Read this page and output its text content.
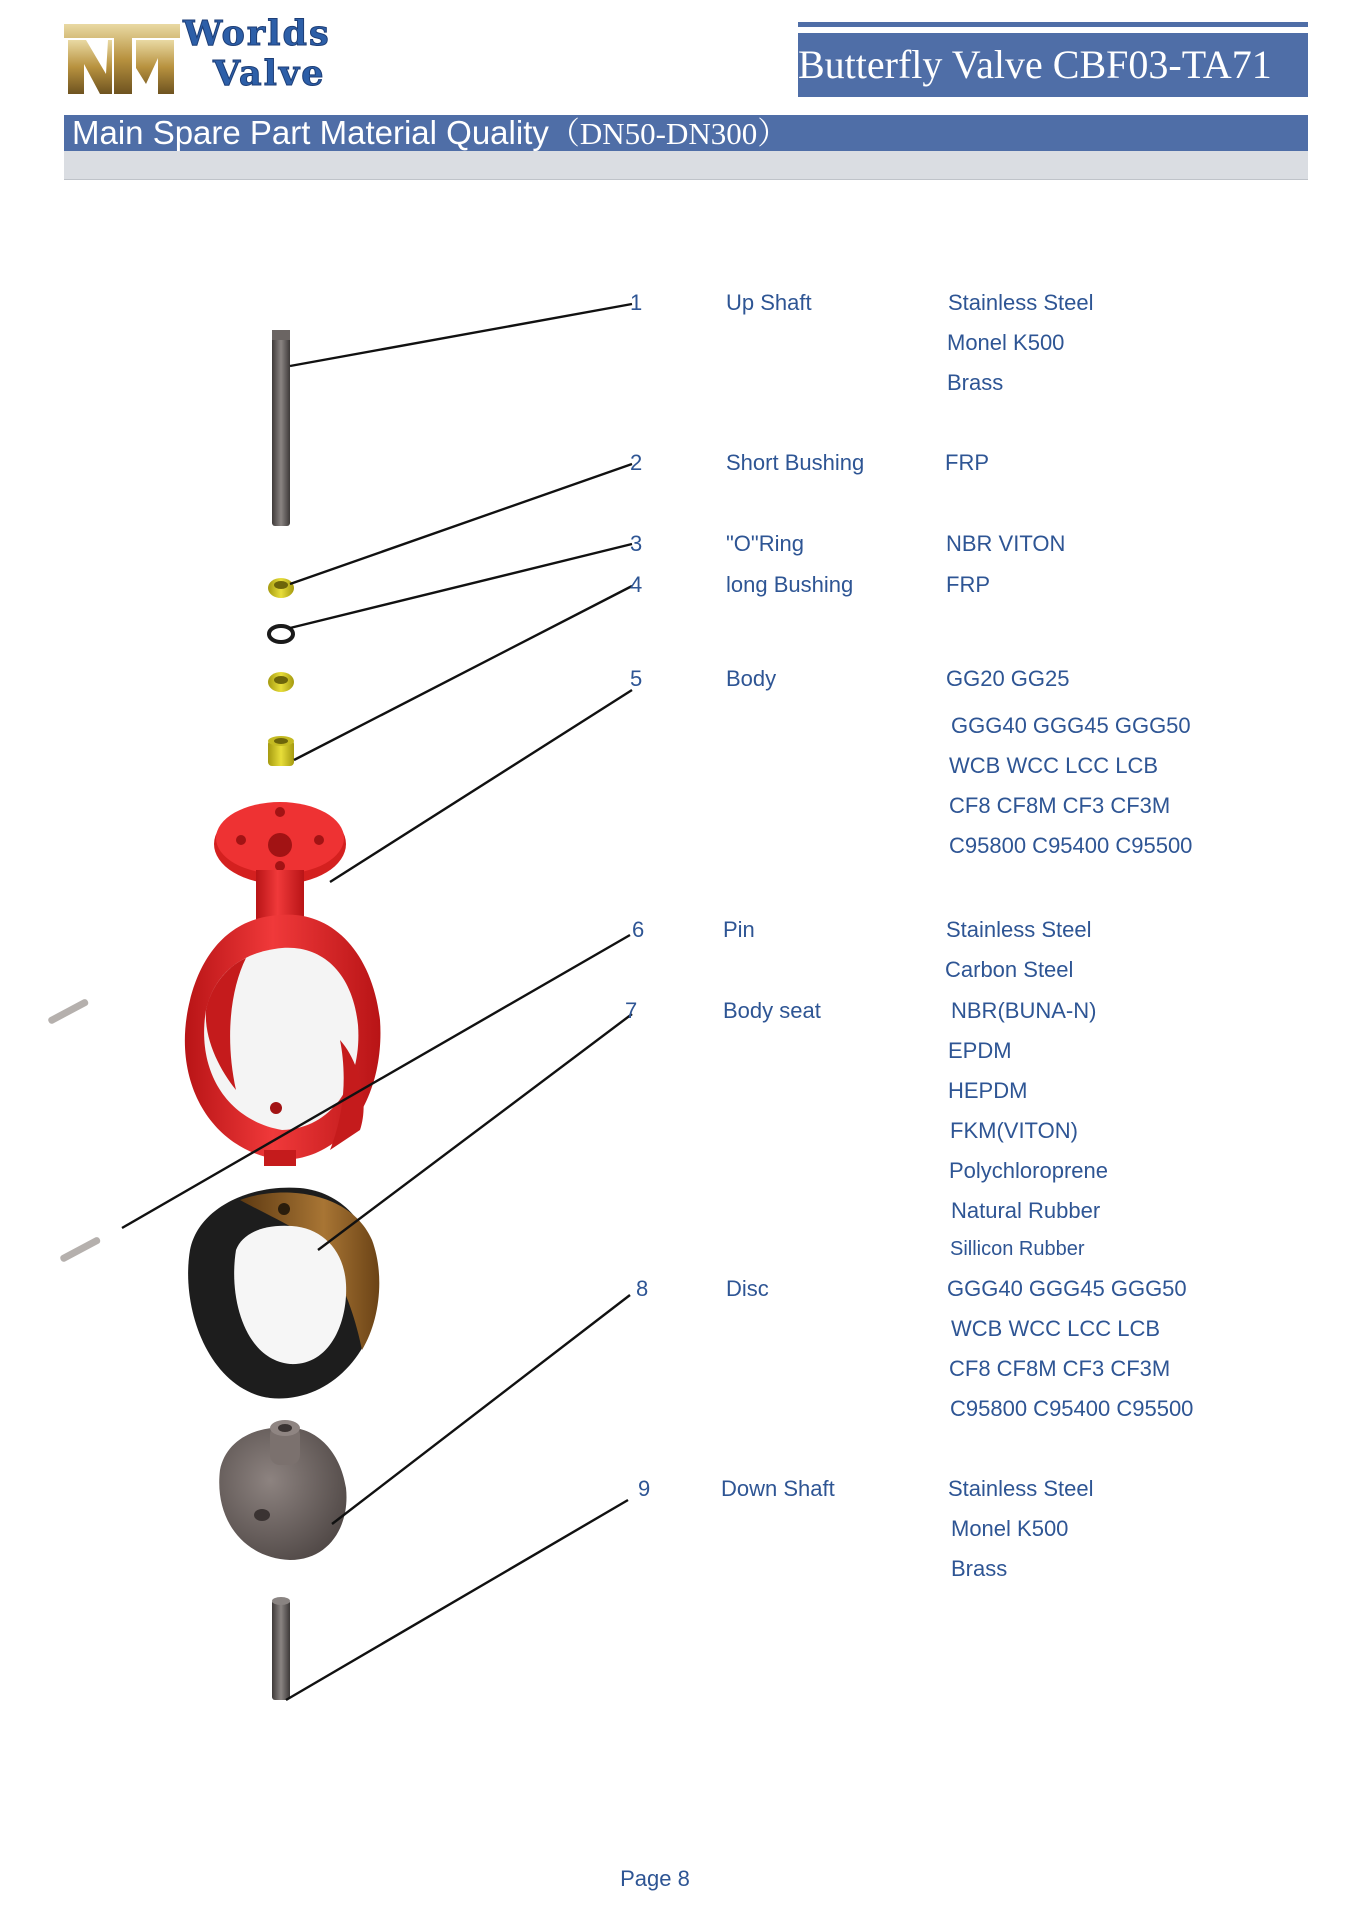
Worlds
Valve	Butterfly Valve CBF03-TA71
Main Spare Part Material Quality（DN50-DN300）
1	Up Shaft	Stainless Steel
Monel K500
Brass
2	Short Bushing	FRP
3	"O"Ring	NBR VITON
4	long Bushing	FRP
5	Body	GG20 GG25
GGG40 GGG45 GGG50
WCB WCC LCC LCB
CF8 CF8M CF3 CF3M
C95800 C95400 C95500
6	Pin	Stainless Steel
Carbon Steel
7	Body seat	NBR(BUNA-N)
EPDM
HEPDM
FKM(VITON)
Polychloroprene
Natural Rubber
Sillicon Rubber
8	Disc	GGG40 GGG45 GGG50
WCB WCC LCC LCB
CF8 CF8M CF3 CF3M
C95800 C95400 C95500
9	Down Shaft	Stainless Steel
Monel K500
Brass
Page 8
